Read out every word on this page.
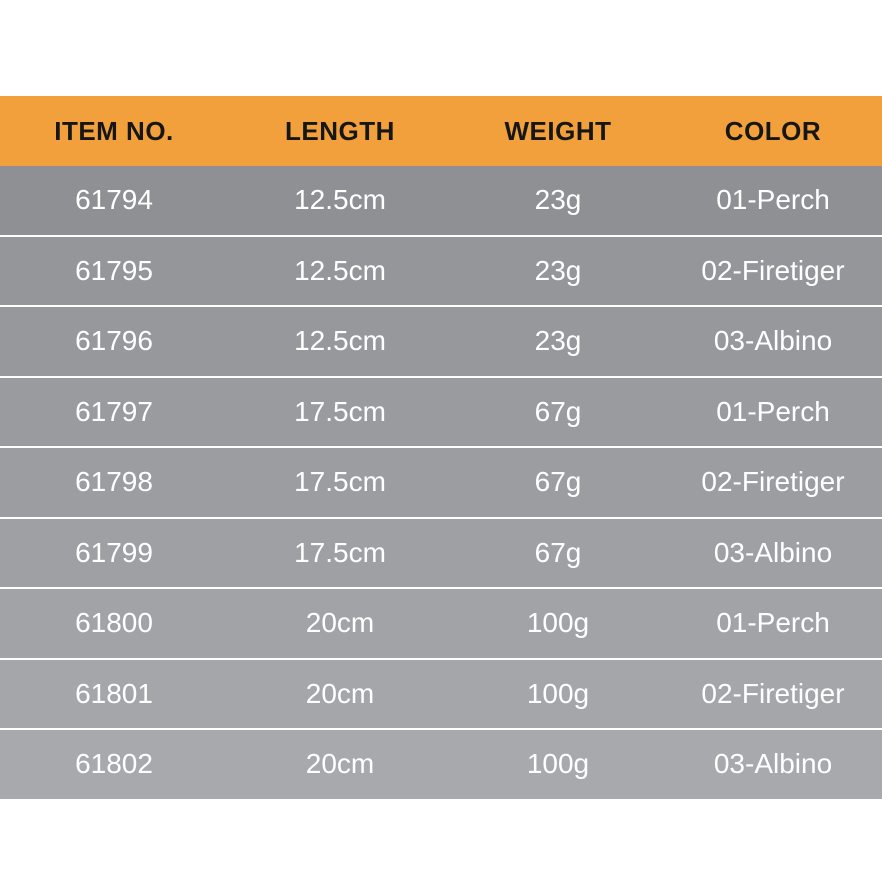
ITEM NO.	LENGTH	WEIGHT	COLOR
61794	12.5cm	23g	01-Perch
61795	12.5cm	23g	02-Firetiger
61796	12.5cm	23g	03-Albino
61797	17.5cm	67g	01-Perch
61798	17.5cm	67g	02-Firetiger
61799	17.5cm	67g	03-Albino
61800	20cm	100g	01-Perch
61801	20cm	100g	02-Firetiger
61802	20cm	100g	03-Albino
